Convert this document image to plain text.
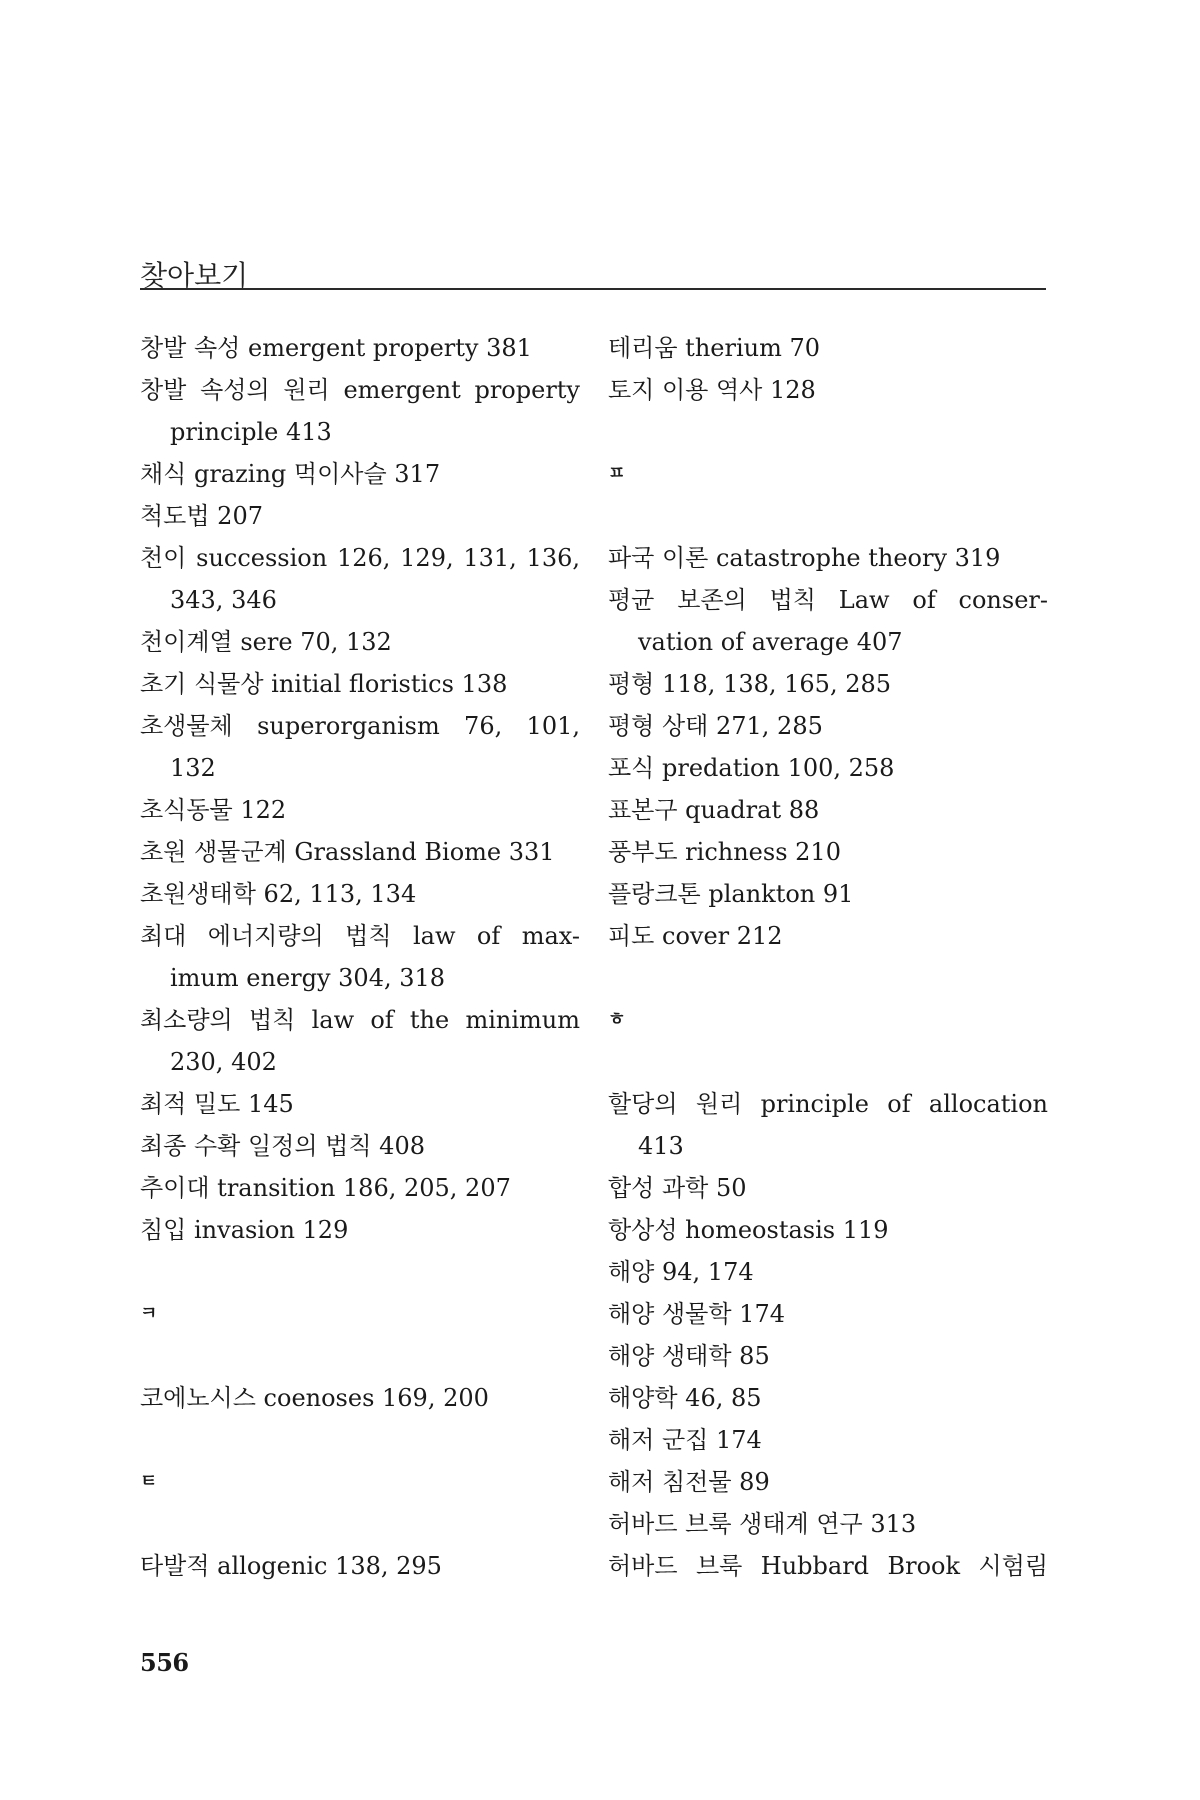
찾아보기
창발 속성 emergent property 381
창발 속성의 원리 emergent property
principle 413
채식 grazing 먹이사슬 317
척도법 207
천이 succession 126, 129, 131, 136,
343, 346
천이계열 sere 70, 132
초기 식물상 initial floristics 138
초생물체 superorganism 76, 101,
132
초식동물 122
초원 생물군계 Grassland Biome 331
초원생태학 62, 113, 134
최대 에너지량의 법칙 law of max-
imum energy 304, 318
최소량의 법칙 law of the minimum
230, 402
최적 밀도 145
최종 수확 일정의 법칙 408
추이대 transition 186, 205, 207
침입 invasion 129
ㅋ
코에노시스 coenoses 169, 200
ㅌ
타발적 allogenic 138, 295
테리움 therium 70
토지 이용 역사 128
ㅍ
파국 이론 catastrophe theory 319
평균 보존의 법칙 Law of conser-
vation of average 407
평형 118, 138, 165, 285
평형 상태 271, 285
포식 predation 100, 258
표본구 quadrat 88
풍부도 richness 210
플랑크톤 plankton 91
피도 cover 212
ㅎ
할당의 원리 principle of allocation
413
합성 과학 50
항상성 homeostasis 119
해양 94, 174
해양 생물학 174
해양 생태학 85
해양학 46, 85
해저 군집 174
해저 침전물 89
허바드 브룩 생태계 연구 313
허바드 브룩 Hubbard Brook 시험림
556
